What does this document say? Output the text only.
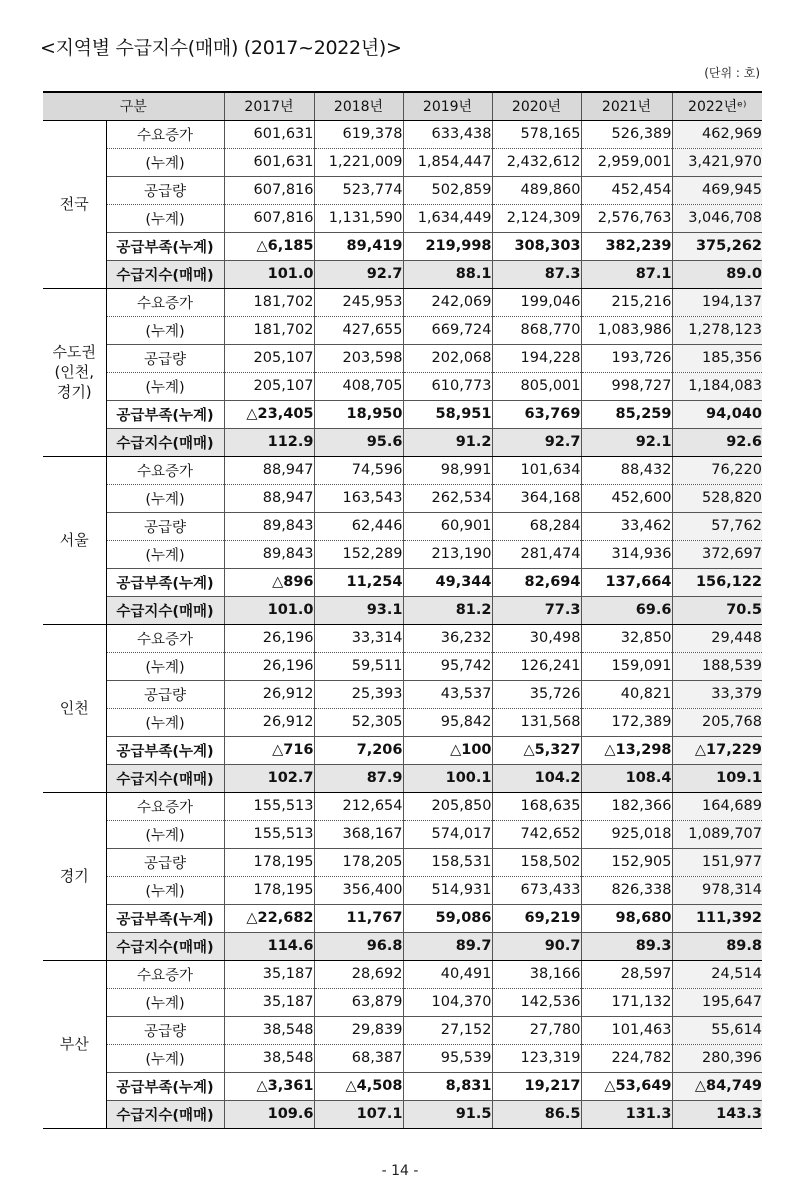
<지역별 수급지수(매매) (2017~2022년)>
(단위 : 호)
구분		2017년	2018년	2019년	2020년	2021년	2022년ᵉ⁾
전국	수요증가	601,631	619,378	633,438	578,165	526,389	462,969
	(누계)	601,631	1,221,009	1,854,447	2,432,612	2,959,001	3,421,970
	공급량	607,816	523,774	502,859	489,860	452,454	469,945
	(누계)	607,816	1,131,590	1,634,449	2,124,309	2,576,763	3,046,708
	공급부족(누계)	△6,185	89,419	219,998	308,303	382,239	375,262
	수급지수(매매)	101.0	92.7	88.1	87.3	87.1	89.0
수도권
(인천,
경기)	수요증가	181,702	245,953	242,069	199,046	215,216	194,137
	(누계)	181,702	427,655	669,724	868,770	1,083,986	1,278,123
	공급량	205,107	203,598	202,068	194,228	193,726	185,356
	(누계)	205,107	408,705	610,773	805,001	998,727	1,184,083
	공급부족(누계)	△23,405	18,950	58,951	63,769	85,259	94,040
	수급지수(매매)	112.9	95.6	91.2	92.7	92.1	92.6
서울	수요증가	88,947	74,596	98,991	101,634	88,432	76,220
	(누계)	88,947	163,543	262,534	364,168	452,600	528,820
	공급량	89,843	62,446	60,901	68,284	33,462	57,762
	(누계)	89,843	152,289	213,190	281,474	314,936	372,697
	공급부족(누계)	△896	11,254	49,344	82,694	137,664	156,122
	수급지수(매매)	101.0	93.1	81.2	77.3	69.6	70.5
인천	수요증가	26,196	33,314	36,232	30,498	32,850	29,448
	(누계)	26,196	59,511	95,742	126,241	159,091	188,539
	공급량	26,912	25,393	43,537	35,726	40,821	33,379
	(누계)	26,912	52,305	95,842	131,568	172,389	205,768
	공급부족(누계)	△716	7,206	△100	△5,327	△13,298	△17,229
	수급지수(매매)	102.7	87.9	100.1	104.2	108.4	109.1
경기	수요증가	155,513	212,654	205,850	168,635	182,366	164,689
	(누계)	155,513	368,167	574,017	742,652	925,018	1,089,707
	공급량	178,195	178,205	158,531	158,502	152,905	151,977
	(누계)	178,195	356,400	514,931	673,433	826,338	978,314
	공급부족(누계)	△22,682	11,767	59,086	69,219	98,680	111,392
	수급지수(매매)	114.6	96.8	89.7	90.7	89.3	89.8
부산	수요증가	35,187	28,692	40,491	38,166	28,597	24,514
	(누계)	35,187	63,879	104,370	142,536	171,132	195,647
	공급량	38,548	29,839	27,152	27,780	101,463	55,614
	(누계)	38,548	68,387	95,539	123,319	224,782	280,396
	공급부족(누계)	△3,361	△4,508	8,831	19,217	△53,649	△84,749
	수급지수(매매)	109.6	107.1	91.5	86.5	131.3	143.3
- 14 -
